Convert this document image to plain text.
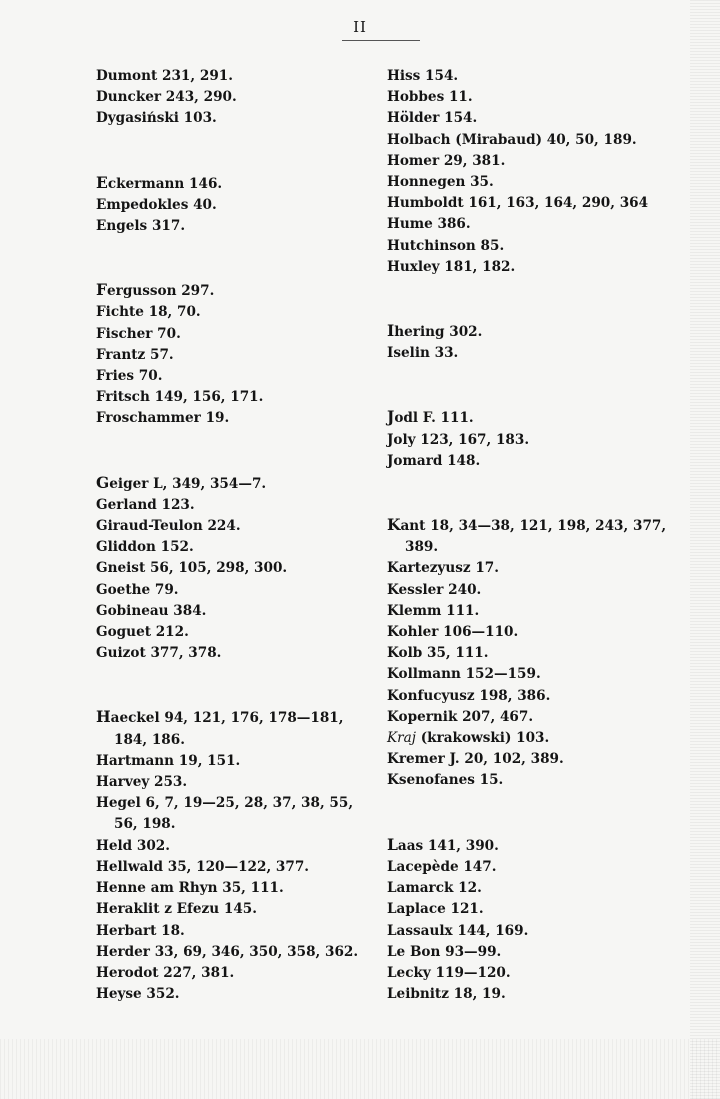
II
Dumont 231, 291.
Duncker 243, 290.
Dygasiński 103.
Eckermann 146.
Empedokles 40.
Engels 317.
Fergusson 297.
Fichte 18, 70.
Fischer 70.
Frantz 57.
Fries 70.
Fritsch 149, 156, 171.
Froschammer 19.
Geiger L, 349, 354—7.
Gerland 123.
Giraud-Teulon 224.
Gliddon 152.
Gneist 56, 105, 298, 300.
Goethe 79.
Gobineau 384.
Goguet 212.
Guizot 377, 378.
Haeckel 94, 121, 176, 178—181, 184, 186.
Hartmann 19, 151.
Harvey 253.
Hegel 6, 7, 19—25, 28, 37, 38, 55, 56, 198.
Held 302.
Hellwald 35, 120—122, 377.
Henne am Rhyn 35, 111.
Heraklit z Efezu 145.
Herbart 18.
Herder 33, 69, 346, 350, 358, 362.
Herodot 227, 381.
Heyse 352.
Hiss 154.
Hobbes 11.
Hölder 154.
Holbach (Mirabaud) 40, 50, 189.
Homer 29, 381.
Honnegen 35.
Humboldt 161, 163, 164, 290, 364
Hume 386.
Hutchinson 85.
Huxley 181, 182.
Ihering 302.
Iselin 33.
Jodl F. 111.
Joly 123, 167, 183.
Jomard 148.
Kant 18, 34—38, 121, 198, 243, 377, 389.
Kartezyusz 17.
Kessler 240.
Klemm 111.
Kohler 106—110.
Kolb 35, 111.
Kollmann 152—159.
Konfucyusz 198, 386.
Kopernik 207, 467.
Kraj (krakowski) 103.
Kremer J. 20, 102, 389.
Ksenofanes 15.
Laas 141, 390.
Lacepède 147.
Lamarck 12.
Laplace 121.
Lassaulx 144, 169.
Le Bon 93—99.
Lecky 119—120.
Leibnitz 18, 19.
